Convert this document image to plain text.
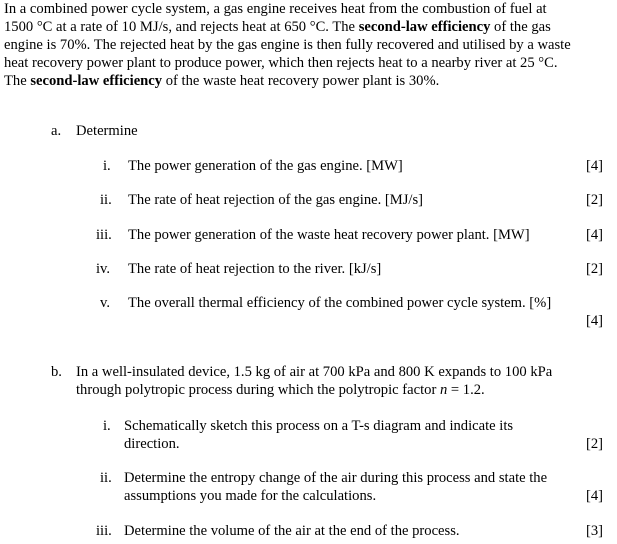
In a combined power cycle system, a gas engine receives heat from the combustion of fuel at
1500 °C at a rate of 10 MJ/s, and rejects heat at 650 °C. The second-law efficiency of the gas
engine is 70%. The rejected heat by the gas engine is then fully recovered and utilised by a waste
heat recovery power plant to produce power, which then rejects heat to a nearby river at 25 °C.
The second-law efficiency of the waste heat recovery power plant is 30%.
a. Determine
i. The power generation of the gas engine. [MW]	[4]
ii. The rate of heat rejection of the gas engine. [MJ/s]	[2]
iii. The power generation of the waste heat recovery power plant. [MW]	[4]
iv. The rate of heat rejection to the river. [kJ/s]	[2]
v. The overall thermal efficiency of the combined power cycle system. [%]
[4]
b. In a well-insulated device, 1.5 kg of air at 700 kPa and 800 K expands to 100 kPa
through polytropic process during which the polytropic factor n = 1.2.
i. Schematically sketch this process on a T-s diagram and indicate its
direction.	[2]
ii. Determine the entropy change of the air during this process and state the
assumptions you made for the calculations.	[4]
iii. Determine the volume of the air at the end of the process.	[3]
